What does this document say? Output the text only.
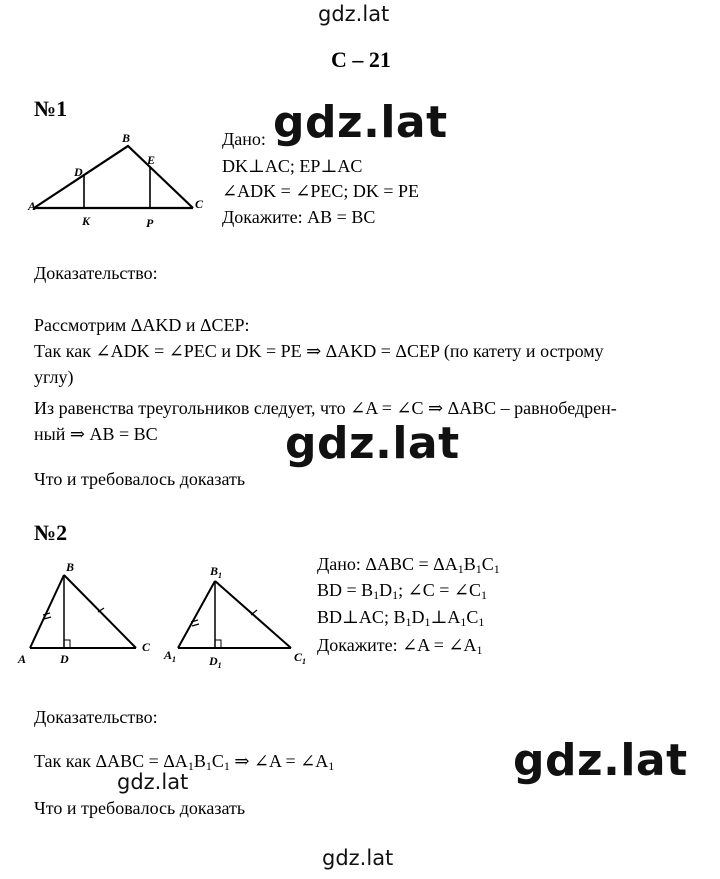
gdz.lat
gdz.lat
С – 21
№1
A
B
C
D
E
K	P
Дано: gdz.lat
DK⊥AC; EP⊥AC
∠ADK = ∠PEC; DK = PE
Докажите: AB = BC
Доказательство:
Рассмотрим ΔAKD и ΔCEP:
Так как ∠ADK = ∠PEC и DK = PE ⇒ ΔAKD = ΔCEP (по катету и острому
углу)
Из равенства треугольников следует, что ∠A = ∠C ⇒ ΔABC – равнобедрен-
ный ⇒ AB = BC	gdz.lat
Что и требовалось доказать
№2
A
B
C
D	$A_1$
$B_1$
$C_1$
$D_1$
Дано: $\Delta ABC = \Delta A_1B_1C_1$
BD = $B_1D_1$; ∠C = $\angle C_1$
BD⊥AC; $B_1D_1\perp A_1C_1$
Докажите: ∠A = $\angle A_1$
Доказательство:
Так как $\Delta ABC = \Delta A_1B_1C_1$ ⇒ ∠A = $\angle A_1$
gdz.lat	gdz.lat
Что и требовалось доказать
